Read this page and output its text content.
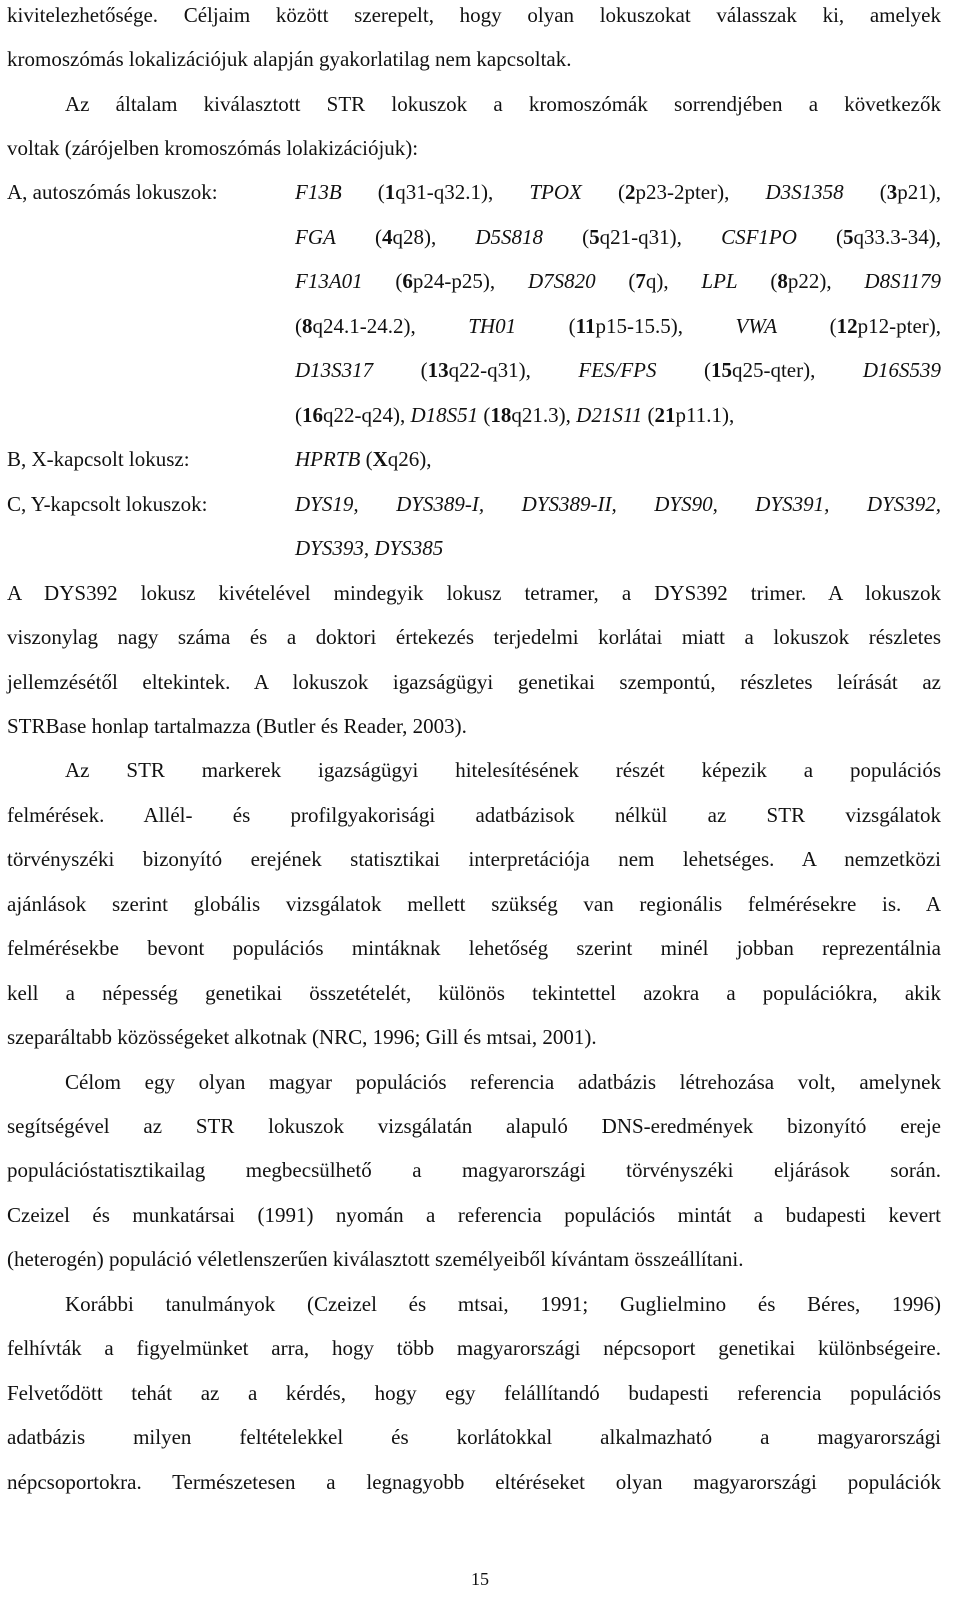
kivitelezhetősége. Céljaim között szerepelt, hogy olyan lokuszokat válasszak ki, amelyek
kromoszómás lokalizációjuk alapján gyakorlatilag nem kapcsoltak.
Az általam kiválasztott STR lokuszok a kromoszómák sorrendjében a következők
voltak (zárójelben kromoszómás lolakizációjuk):
A, autoszómás lokuszok:	F13B (1q31-q32.1), TPOX (2p23-2pter), D3S1358 (3p21),
FGA (4q28), D5S818 (5q21-q31), CSF1PO (5q33.3-34),
F13A01 (6p24-p25), D7S820 (7q), LPL (8p22), D8S1179
(8q24.1-24.2), TH01 (11p15-15.5), VWA (12p12-pter),
D13S317 (13q22-q31), FES/FPS (15q25-qter), D16S539
(16q22-q24), D18S51 (18q21.3), D21S11 (21p11.1),
B, X-kapcsolt lokusz:	HPRTB (Xq26),
C, Y-kapcsolt lokuszok:	DYS19, DYS389-I, DYS389-II, DYS90, DYS391, DYS392,
DYS393, DYS385
A DYS392 lokusz kivételével mindegyik lokusz tetramer, a DYS392 trimer. A lokuszok
viszonylag nagy száma és a doktori értekezés terjedelmi korlátai miatt a lokuszok részletes
jellemzésétől eltekintek. A lokuszok igazságügyi genetikai szempontú, részletes leírását az
STRBase honlap tartalmazza (Butler és Reader, 2003).
Az STR markerek igazságügyi hitelesítésének részét képezik a populációs
felmérések. Allél- és profilgyakorisági adatbázisok nélkül az STR vizsgálatok
törvényszéki bizonyító erejének statisztikai interpretációja nem lehetséges. A nemzetközi
ajánlások szerint globális vizsgálatok mellett szükség van regionális felmérésekre is. A
felmérésekbe bevont populációs mintáknak lehetőség szerint minél jobban reprezentálnia
kell a népesség genetikai összetételét, különös tekintettel azokra a populációkra, akik
szeparáltabb közösségeket alkotnak (NRC, 1996; Gill és mtsai, 2001).
Célom egy olyan magyar populációs referencia adatbázis létrehozása volt, amelynek
segítségével az STR lokuszok vizsgálatán alapuló DNS-eredmények bizonyító ereje
populációstatisztikailag megbecsülhető a magyarországi törvényszéki eljárások során.
Czeizel és munkatársai (1991) nyomán a referencia populációs mintát a budapesti kevert
(heterogén) populáció véletlenszerűen kiválasztott személyeiből kívántam összeállítani.
Korábbi tanulmányok (Czeizel és mtsai, 1991; Guglielmino és Béres, 1996)
felhívták a figyelmünket arra, hogy több magyarországi népcsoport genetikai különbségeire.
Felvetődött tehát az a kérdés, hogy egy felállítandó budapesti referencia populációs
adatbázis milyen feltételekkel és korlátokkal alkalmazható a magyarországi
népcsoportokra. Természetesen a legnagyobb eltéréseket olyan magyarországi populációk
15
